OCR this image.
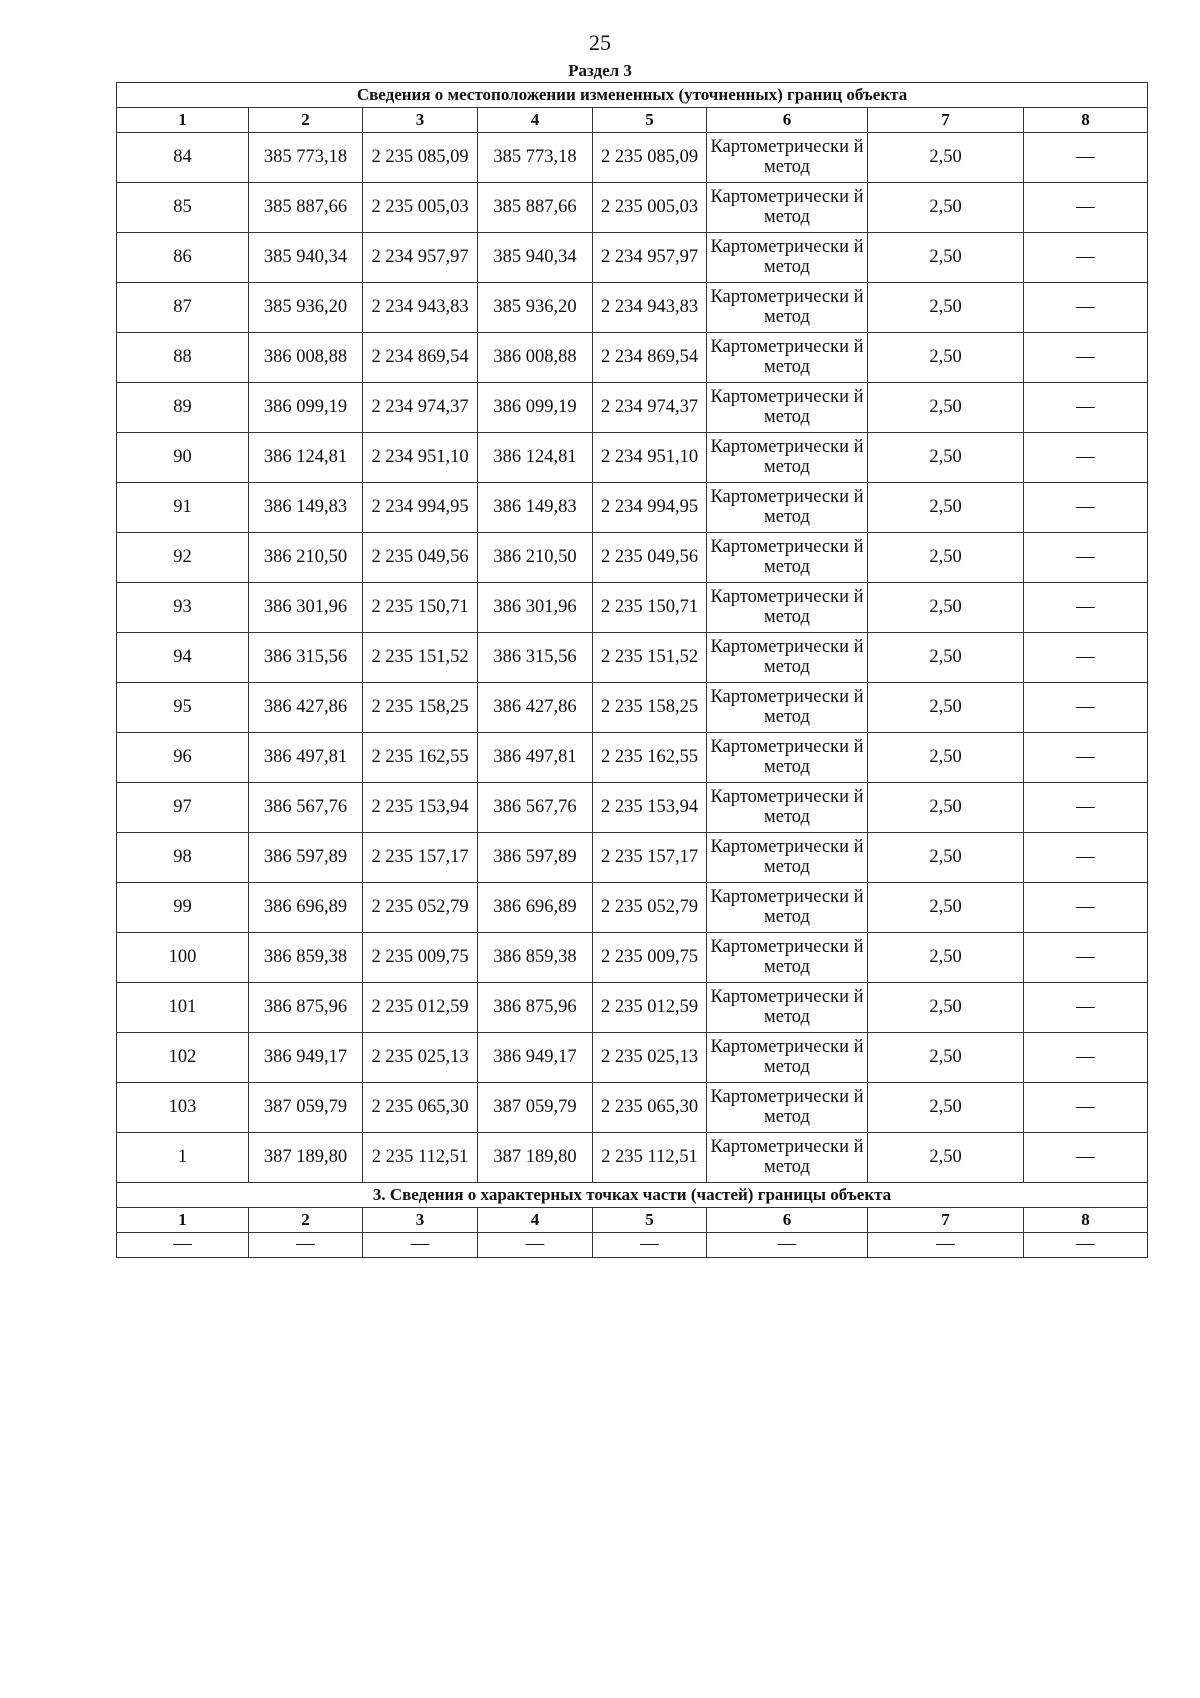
25
Раздел 3
Сведения о местоположении измененных (уточненных) границ объекта							
1	2	3	4	5	6	7	8
84	385 773,18	2 235 085,09	385 773,18	2 235 085,09	Картометрически й метод	2,50	—
85	385 887,66	2 235 005,03	385 887,66	2 235 005,03	Картометрически й метод	2,50	—
86	385 940,34	2 234 957,97	385 940,34	2 234 957,97	Картометрически й метод	2,50	—
87	385 936,20	2 234 943,83	385 936,20	2 234 943,83	Картометрически й метод	2,50	—
88	386 008,88	2 234 869,54	386 008,88	2 234 869,54	Картометрически й метод	2,50	—
89	386 099,19	2 234 974,37	386 099,19	2 234 974,37	Картометрически й метод	2,50	—
90	386 124,81	2 234 951,10	386 124,81	2 234 951,10	Картометрически й метод	2,50	—
91	386 149,83	2 234 994,95	386 149,83	2 234 994,95	Картометрически й метод	2,50	—
92	386 210,50	2 235 049,56	386 210,50	2 235 049,56	Картометрически й метод	2,50	—
93	386 301,96	2 235 150,71	386 301,96	2 235 150,71	Картометрически й метод	2,50	—
94	386 315,56	2 235 151,52	386 315,56	2 235 151,52	Картометрически й метод	2,50	—
95	386 427,86	2 235 158,25	386 427,86	2 235 158,25	Картометрически й метод	2,50	—
96	386 497,81	2 235 162,55	386 497,81	2 235 162,55	Картометрически й метод	2,50	—
97	386 567,76	2 235 153,94	386 567,76	2 235 153,94	Картометрически й метод	2,50	—
98	386 597,89	2 235 157,17	386 597,89	2 235 157,17	Картометрически й метод	2,50	—
99	386 696,89	2 235 052,79	386 696,89	2 235 052,79	Картометрически й метод	2,50	—
100	386 859,38	2 235 009,75	386 859,38	2 235 009,75	Картометрически й метод	2,50	—
101	386 875,96	2 235 012,59	386 875,96	2 235 012,59	Картометрически й метод	2,50	—
102	386 949,17	2 235 025,13	386 949,17	2 235 025,13	Картометрически й метод	2,50	—
103	387 059,79	2 235 065,30	387 059,79	2 235 065,30	Картометрически й метод	2,50	—
1	387 189,80	2 235 112,51	387 189,80	2 235 112,51	Картометрически й метод	2,50	—
3. Сведения о характерных точках части (частей) границы объекта							
1	2	3	4	5	6	7	8
—	—	—	—	—	—	—	—
